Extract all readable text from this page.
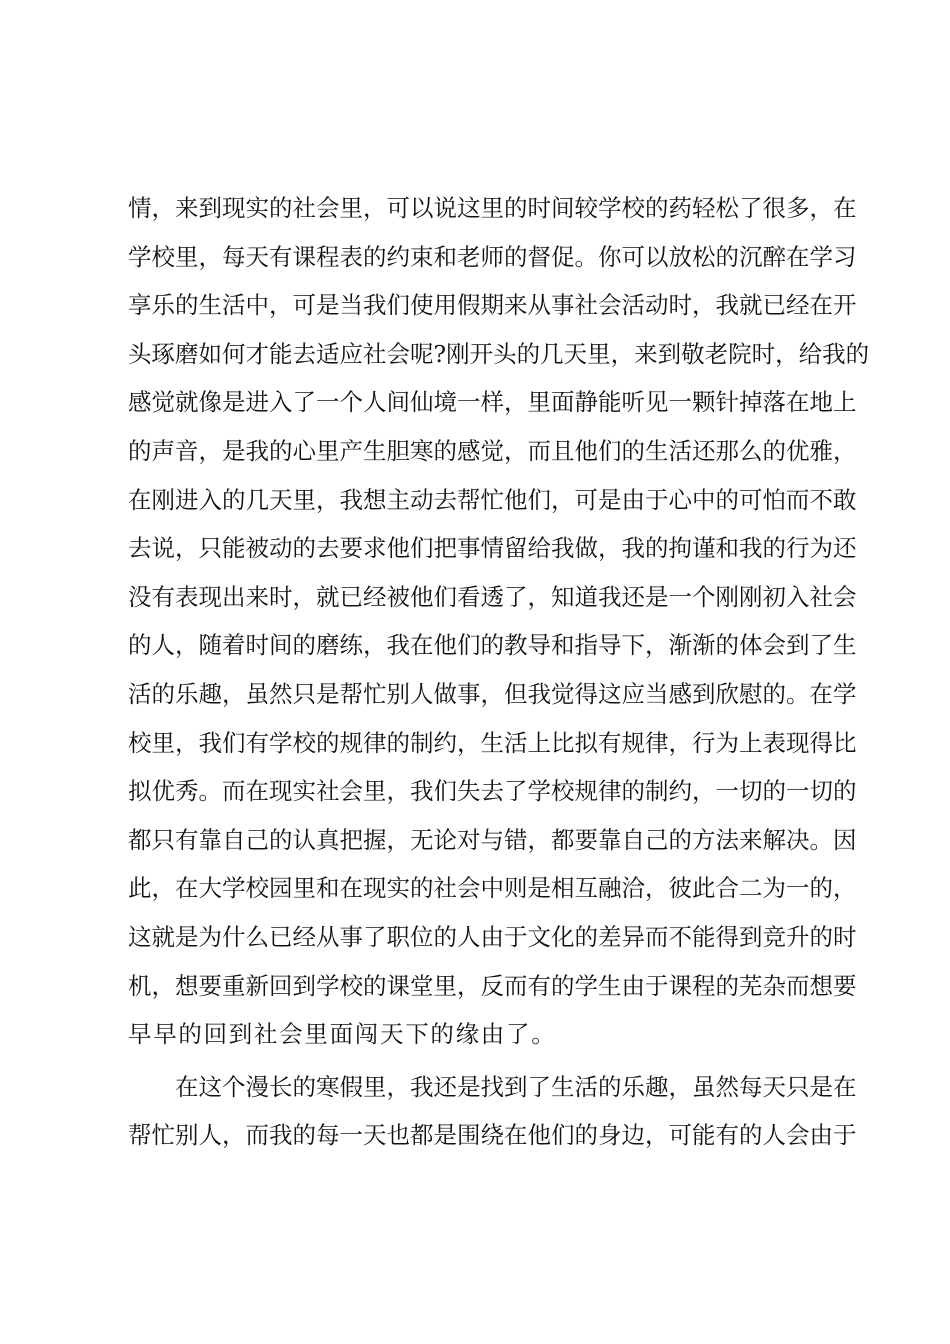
情，来到现实的社会里，可以说这里的时间较学校的药轻松了很多，在
学校里，每天有课程表的约束和老师的督促。你可以放松的沉醉在学习
享乐的生活中，可是当我们使用假期来从事社会活动时，我就已经在开
头琢磨如何才能去适应社会呢?刚开头的几天里，来到敬老院时，给我的
感觉就像是进入了一个人间仙境一样，里面静能听见一颗针掉落在地上
的声音，是我的心里产生胆寒的感觉，而且他们的生活还那么的优雅，
在刚进入的几天里，我想主动去帮忙他们，可是由于心中的可怕而不敢
去说，只能被动的去要求他们把事情留给我做，我的拘谨和我的行为还
没有表现出来时，就已经被他们看透了，知道我还是一个刚刚初入社会
的人，随着时间的磨练，我在他们的教导和指导下，渐渐的体会到了生
活的乐趣，虽然只是帮忙别人做事，但我觉得这应当感到欣慰的。在学
校里，我们有学校的规律的制约，生活上比拟有规律，行为上表现得比
拟优秀。而在现实社会里，我们失去了学校规律的制约，一切的一切的
都只有靠自己的认真把握，无论对与错，都要靠自己的方法来解决。因
此，在大学校园里和在现实的社会中则是相互融洽，彼此合二为一的，
这就是为什么已经从事了职位的人由于文化的差异而不能得到竞升的时
机，想要重新回到学校的课堂里，反而有的学生由于课程的芜杂而想要
早早的回到社会里面闯天下的缘由了。
　　在这个漫长的寒假里，我还是找到了生活的乐趣，虽然每天只是在
帮忙别人，而我的每一天也都是围绕在他们的身边，可能有的人会由于
